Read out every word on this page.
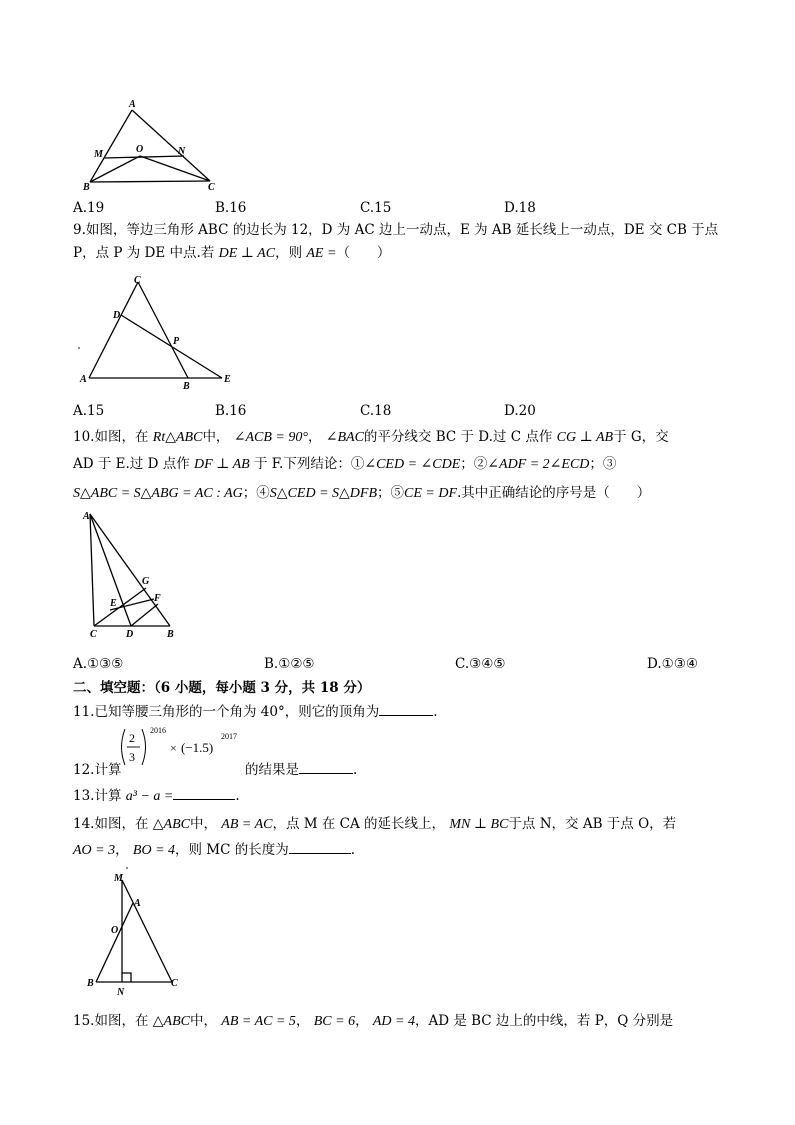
A
M	O	N
B	C
A.19	B.16	C.15	D.18
9.如图，等边三角形 ABC 的边长为 12，D 为 AC 边上一动点，E 为 AB 延长线上一动点，DE 交 CB 于点
P，点 P 为 DE 中点.若 DE ⊥ AC，则 AE =（　　）
C
D
P
A
B
E
A.15	B.16	C.18	D.20
10.如图，在 Rt△ABC中， ∠ACB = 90°， ∠BAC的平分线交 BC 于 D.过 C 点作 CG ⊥ AB于 G，交
AD 于 E.过 D 点作 DF ⊥ AB 于 F.下列结论：①∠CED = ∠CDE；②∠ADF = 2∠ECD；③
S△ABC = S△ABG = AC : AG；④S△CED = S△DFB；⑤CE = DF.其中正确结论的序号是（　　）
A
G
E	F
C	D	B
A.①③⑤	B.①②⑤	C.③④⑤	D.①③④
二、填空题：（6 小题，每小题 3 分，共 18 分）
11.已知等腰三角形的一个角为 40°，则它的顶角为	.
12.计算
2
3
2016
× (−1.5)
2017
的结果是	.
13.计算 a³ − a =	.
14.如图，在 △ABC中， AB = AC，点 M 在 CA 的延长线上， MN ⊥ BC于点 N，交 AB 于点 O，若
AO = 3， BO = 4，则 MC 的长度为	.
M
A
O
B
N
C
15.如图，在 △ABC中， AB = AC = 5， BC = 6， AD = 4，AD 是 BC 边上的中线，若 P，Q 分别是
